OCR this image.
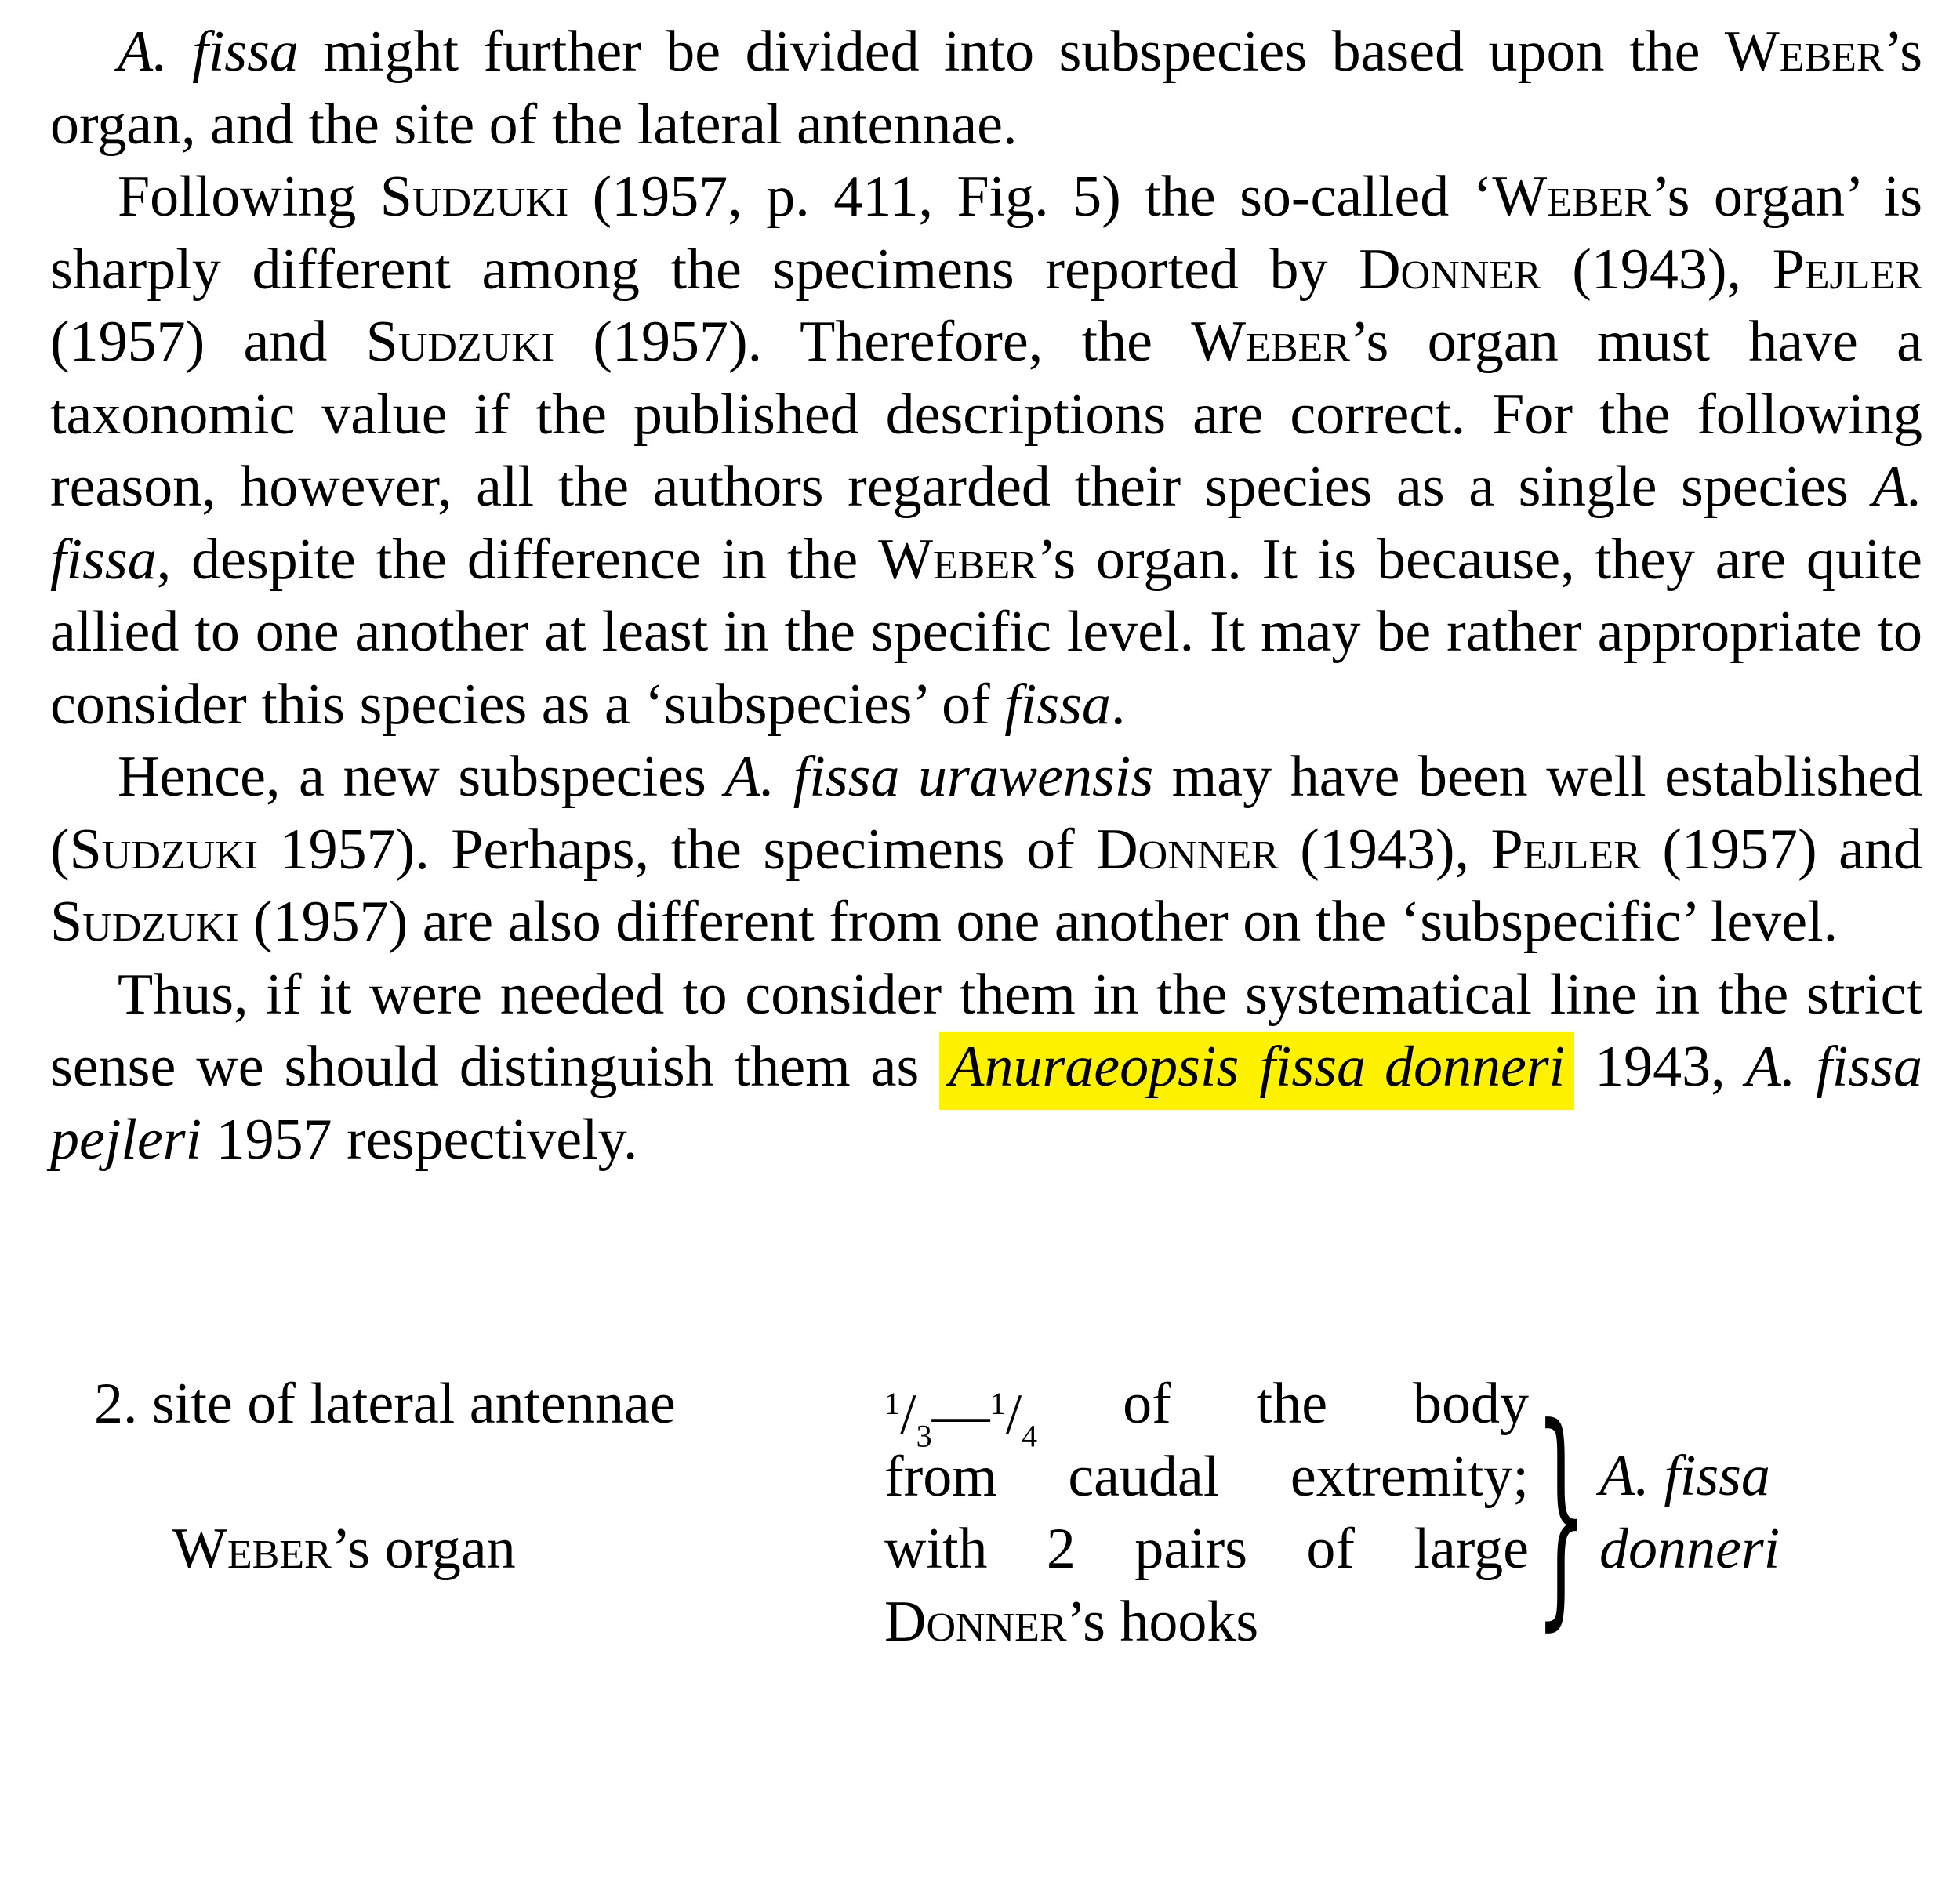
A. fissa might further be divided into subspecies based upon the Weber’s organ, and the site of the lateral antennae.

Following Sudzuki (1957, p. 411, Fig. 5) the so-called ‘Weber’s organ’ is sharply different among the specimens reported by Donner (1943), Pejler (1957) and Sudzuki (1957). Therefore, the Weber’s organ must have a taxonomic value if the published descriptions are correct. For the following reason, however, all the authors regarded their species as a single species A. fissa, despite the difference in the Weber’s organ. It is because, they are quite allied to one another at least in the specific level. It may be rather appropriate to consider this species as a ‘subspecies’ of fissa.

Hence, a new subspecies A. fissa urawensis may have been well established (Sudzuki 1957). Perhaps, the specimens of Donner (1943), Pejler (1957) and Sudzuki (1957) are also different from one another on the ‘subspecific’ level.

Thus, if it were needed to consider them in the systematical line in the strict sense we should distinguish them as Anuraeopsis fissa donneri 1943, A. fissa pejleri 1957 respectively.

2. site of lateral antennae
Weber’s organ
$^1/_3—^1/_4$ of the body
from caudal extremity;
with 2 pairs of large
Donner ’s hooks } A. fissa
donneri
